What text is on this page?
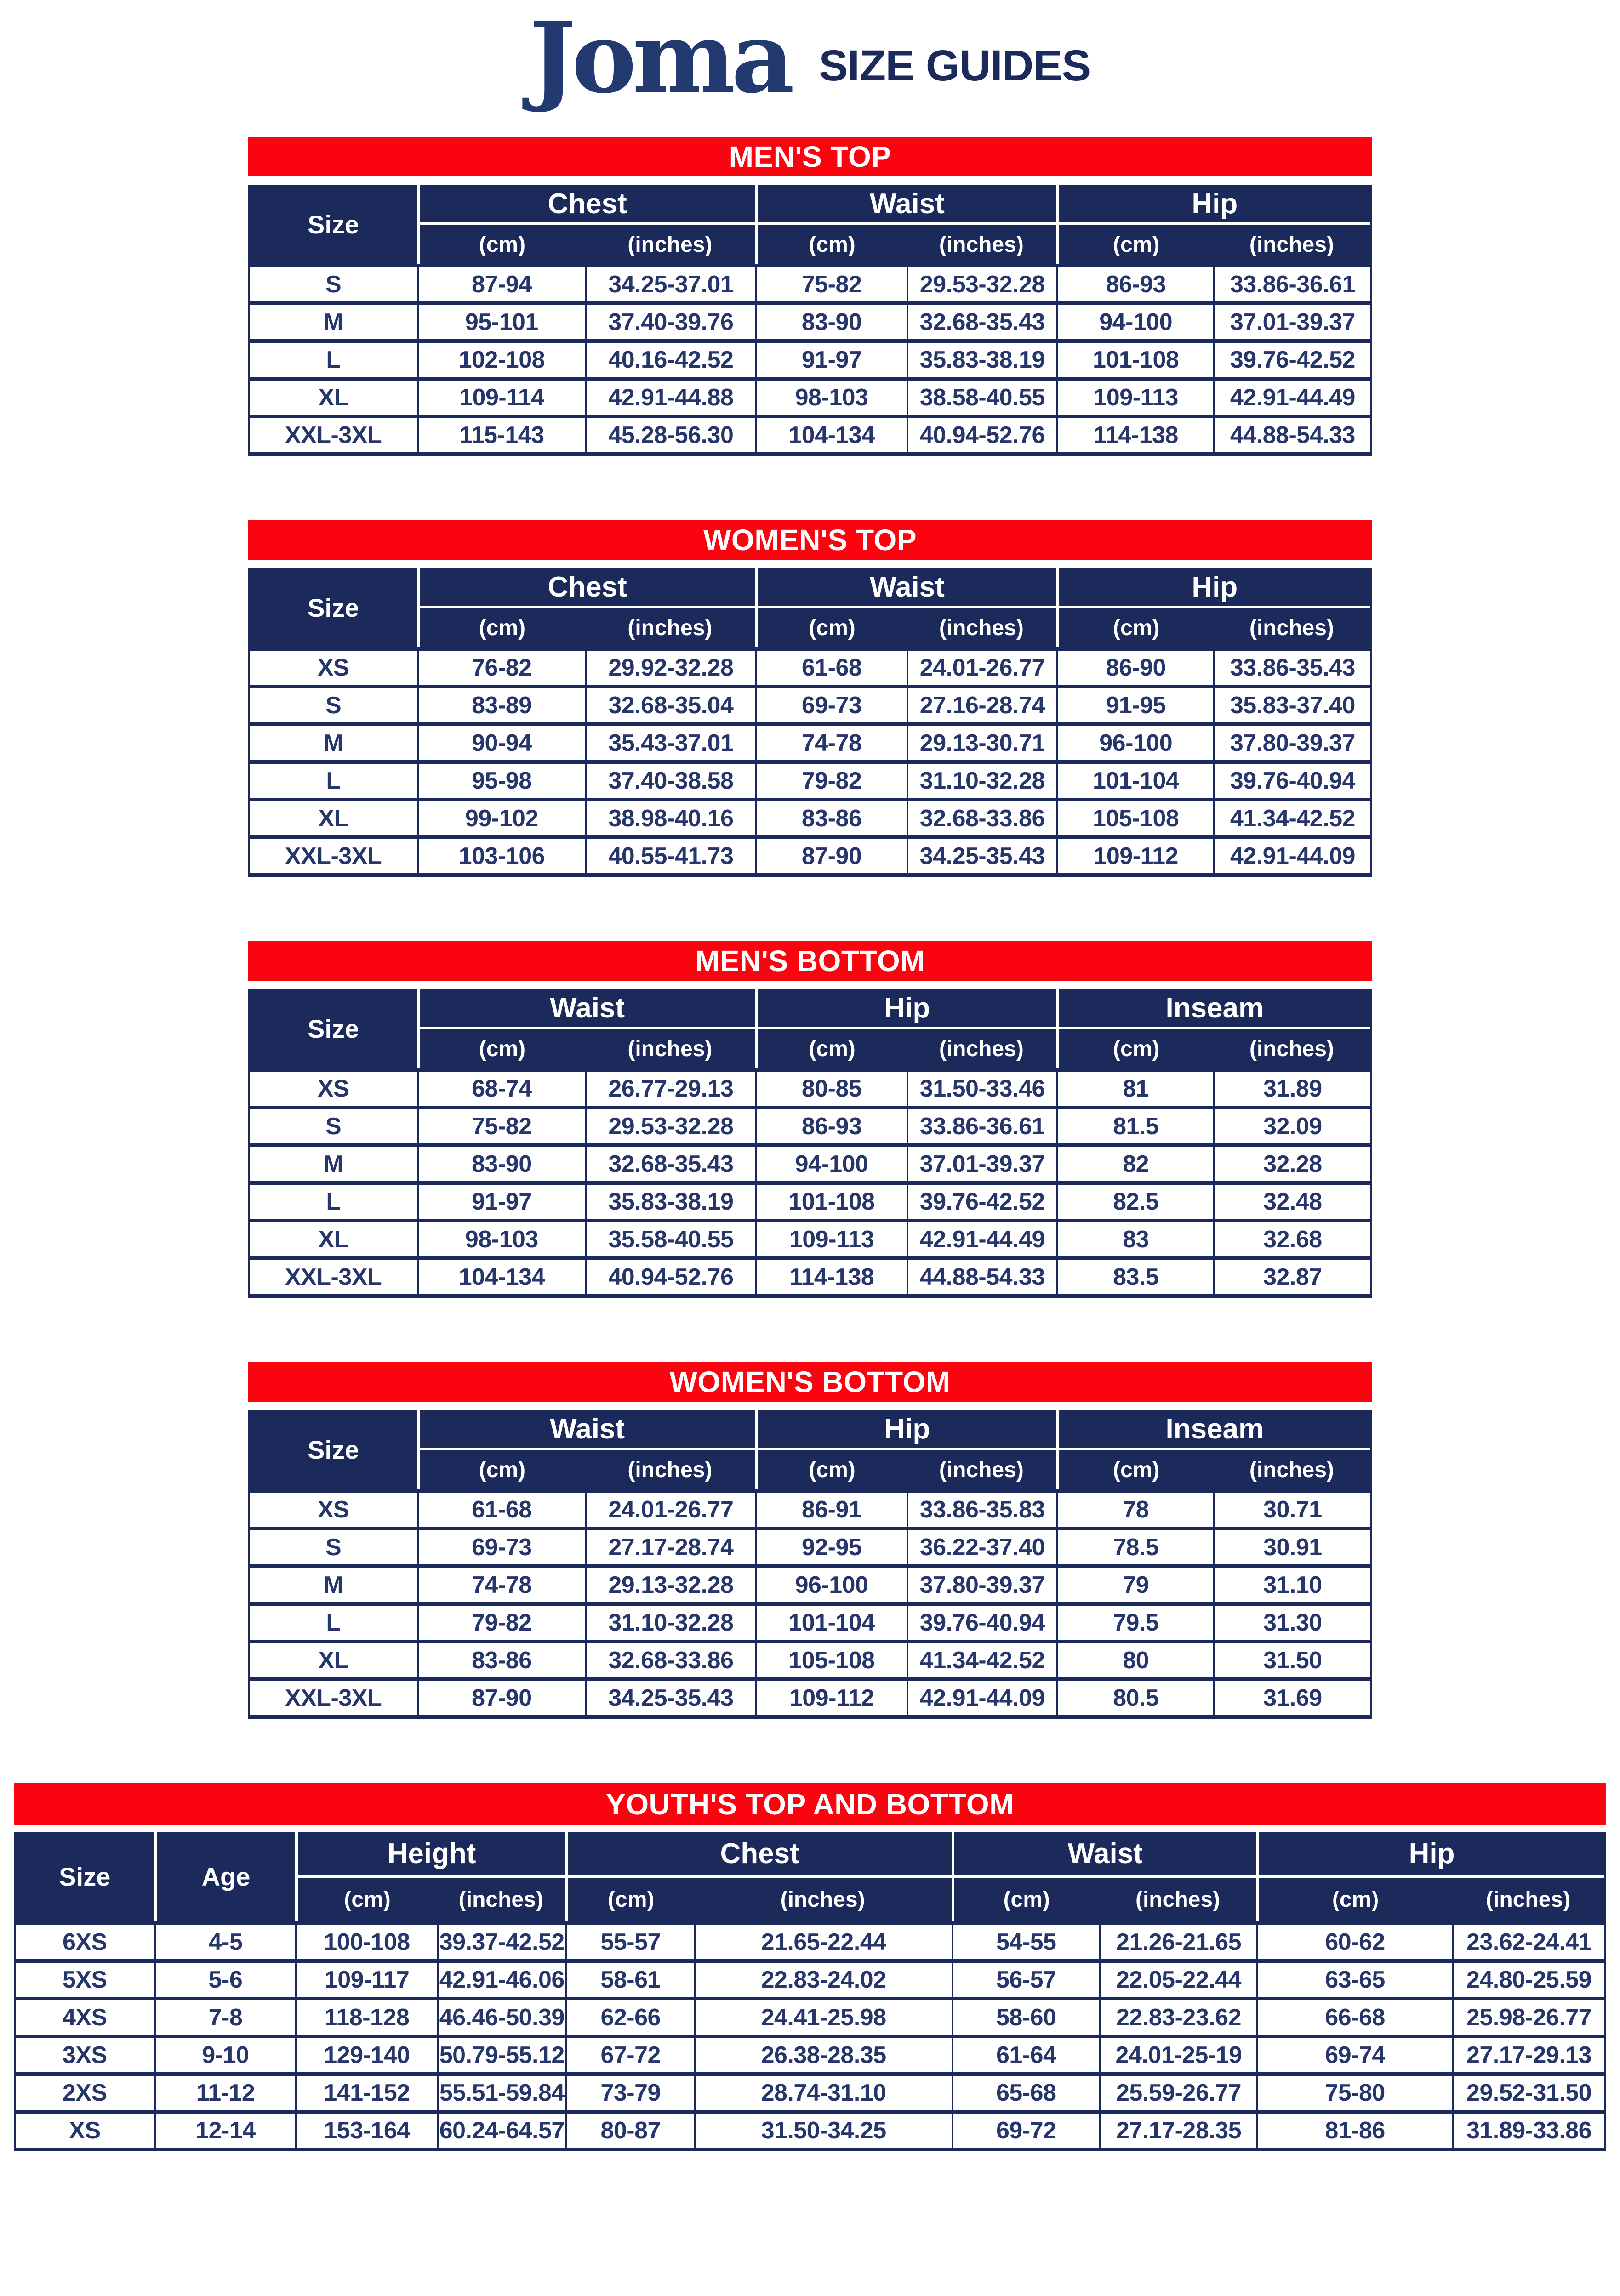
Joma SIZE GUIDES
MEN'S TOP
Size	Chest		Waist		Hip	
	(cm)	(inches)	(cm)	(inches)	(cm)	(inches)
S	87-94	34.25-37.01	75-82	29.53-32.28	86-93	33.86-36.61
M	95-101	37.40-39.76	83-90	32.68-35.43	94-100	37.01-39.37
L	102-108	40.16-42.52	91-97	35.83-38.19	101-108	39.76-42.52
XL	109-114	42.91-44.88	98-103	38.58-40.55	109-113	42.91-44.49
XXL-3XL	115-143	45.28-56.30	104-134	40.94-52.76	114-138	44.88-54.33
WOMEN'S TOP
Size	Chest		Waist		Hip	
	(cm)	(inches)	(cm)	(inches)	(cm)	(inches)
XS	76-82	29.92-32.28	61-68	24.01-26.77	86-90	33.86-35.43
S	83-89	32.68-35.04	69-73	27.16-28.74	91-95	35.83-37.40
M	90-94	35.43-37.01	74-78	29.13-30.71	96-100	37.80-39.37
L	95-98	37.40-38.58	79-82	31.10-32.28	101-104	39.76-40.94
XL	99-102	38.98-40.16	83-86	32.68-33.86	105-108	41.34-42.52
XXL-3XL	103-106	40.55-41.73	87-90	34.25-35.43	109-112	42.91-44.09
MEN'S BOTTOM
Size	Waist		Hip		Inseam	
	(cm)	(inches)	(cm)	(inches)	(cm)	(inches)
XS	68-74	26.77-29.13	80-85	31.50-33.46	81	31.89
S	75-82	29.53-32.28	86-93	33.86-36.61	81.5	32.09
M	83-90	32.68-35.43	94-100	37.01-39.37	82	32.28
L	91-97	35.83-38.19	101-108	39.76-42.52	82.5	32.48
XL	98-103	35.58-40.55	109-113	42.91-44.49	83	32.68
XXL-3XL	104-134	40.94-52.76	114-138	44.88-54.33	83.5	32.87
WOMEN'S BOTTOM
Size	Waist		Hip		Inseam	
	(cm)	(inches)	(cm)	(inches)	(cm)	(inches)
XS	61-68	24.01-26.77	86-91	33.86-35.83	78	30.71
S	69-73	27.17-28.74	92-95	36.22-37.40	78.5	30.91
M	74-78	29.13-32.28	96-100	37.80-39.37	79	31.10
L	79-82	31.10-32.28	101-104	39.76-40.94	79.5	31.30
XL	83-86	32.68-33.86	105-108	41.34-42.52	80	31.50
XXL-3XL	87-90	34.25-35.43	109-112	42.91-44.09	80.5	31.69
YOUTH'S TOP AND BOTTOM
Size	Age	Height		Chest		Waist		Hip	
		(cm)	(inches)	(cm)	(inches)	(cm)	(inches)	(cm)	(inches)
6XS	4-5	100-108	39.37-42.52	55-57	21.65-22.44	54-55	21.26-21.65	60-62	23.62-24.41
5XS	5-6	109-117	42.91-46.06	58-61	22.83-24.02	56-57	22.05-22.44	63-65	24.80-25.59
4XS	7-8	118-128	46.46-50.39	62-66	24.41-25.98	58-60	22.83-23.62	66-68	25.98-26.77
3XS	9-10	129-140	50.79-55.12	67-72	26.38-28.35	61-64	24.01-25-19	69-74	27.17-29.13
2XS	11-12	141-152	55.51-59.84	73-79	28.74-31.10	65-68	25.59-26.77	75-80	29.52-31.50
XS	12-14	153-164	60.24-64.57	80-87	31.50-34.25	69-72	27.17-28.35	81-86	31.89-33.86
